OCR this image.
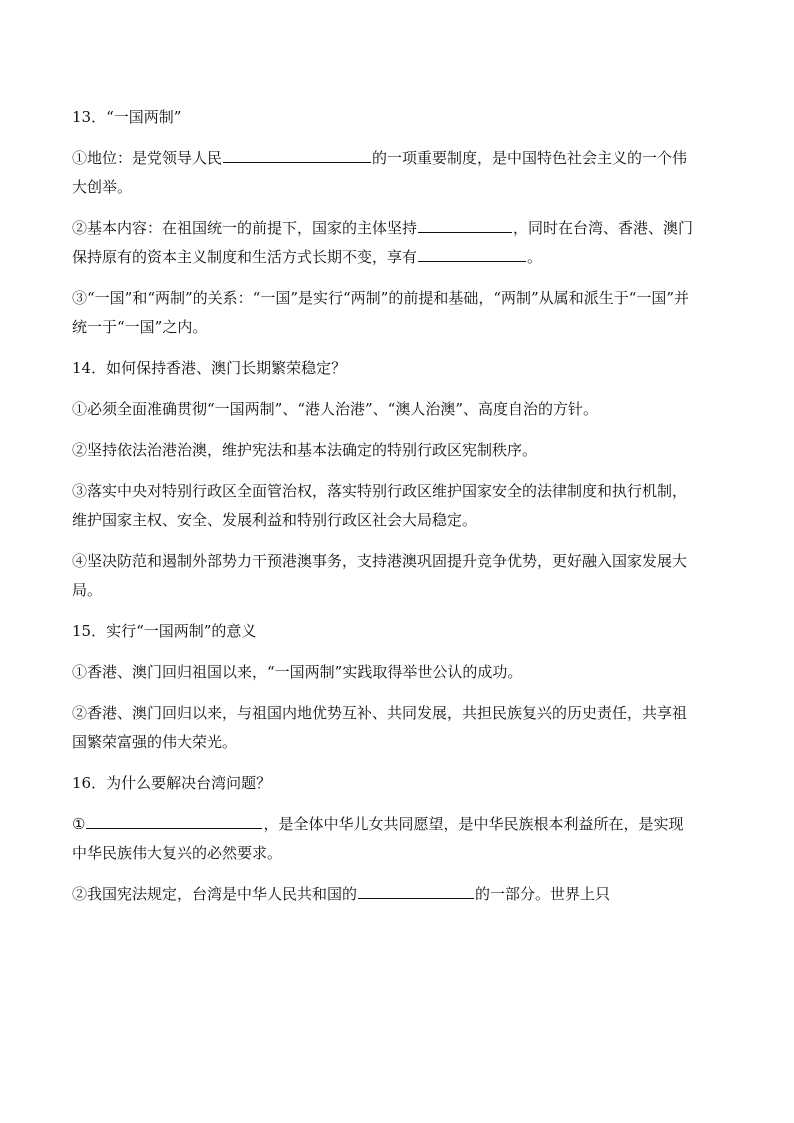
13．“一国两制”

①地位：是党领导人民	的一项重要制度，是中国特色社会主义的一个伟

大创举。

②基本内容：在祖国统一的前提下，国家的主体坚持	，同时在台湾、香港、澳门

保持原有的资本主义制度和生活方式长期不变，享有	。

③“一国”和“两制”的关系：“一国”是实行“两制”的前提和基础，“两制”从属和派生于“一国”并

统一于“一国”之内。

14．如何保持香港、澳门长期繁荣稳定？

①必须全面准确贯彻“一国两制”、“港人治港”、“澳人治澳”、高度自治的方针。

②坚持依法治港治澳，维护宪法和基本法确定的特别行政区宪制秩序。

③落实中央对特别行政区全面管治权，落实特别行政区维护国家安全的法律制度和执行机制，

维护国家主权、安全、发展利益和特别行政区社会大局稳定。

④坚决防范和遏制外部势力干预港澳事务，支持港澳巩固提升竞争优势，更好融入国家发展大

局。

15．实行“一国两制”的意义

①香港、澳门回归祖国以来，“一国两制”实践取得举世公认的成功。

②香港、澳门回归以来，与祖国内地优势互补、共同发展，共担民族复兴的历史责任，共享祖

国繁荣富强的伟大荣光。

16．为什么要解决台湾问题？

①	，是全体中华儿女共同愿望，是中华民族根本利益所在，是实现

中华民族伟大复兴的必然要求。

②我国宪法规定，台湾是中华人民共和国的	的一部分。世界上只
